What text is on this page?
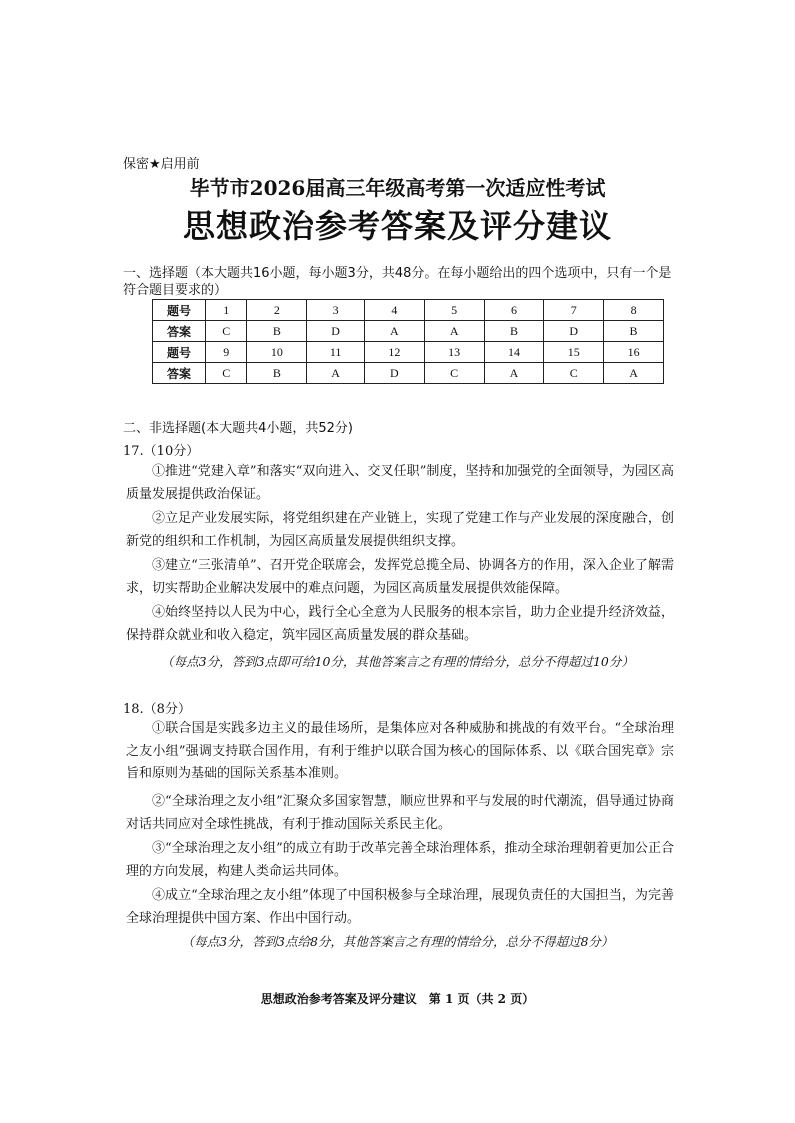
保密★启用前
毕节市2026届高三年级高考第一次适应性考试
思想政治参考答案及评分建议
一、选择题（本大题共16小题，每小题3分，共48分。在每小题给出的四个选项中，只有一个是符合题目要求的）
题号	1	2	3	4	5	6	7	8
答案	C	B	D	A	A	B	D	B
题号	9	10	11	12	13	14	15	16
答案	C	B	A	D	C	A	C	A
二、非选择题(本大题共4小题，共52分)
17.（10分）
①推进“党建入章”和落实“双向进入、交叉任职”制度，坚持和加强党的全面领导，为园区高质量发展提供政治保证。
②立足产业发展实际，将党组织建在产业链上，实现了党建工作与产业发展的深度融合，创新党的组织和工作机制，为园区高质量发展提供组织支撑。
③建立“三张清单”、召开党企联席会，发挥党总揽全局、协调各方的作用，深入企业了解需求，切实帮助企业解决发展中的难点问题，为园区高质量发展提供效能保障。
④始终坚持以人民为中心，践行全心全意为人民服务的根本宗旨，助力企业提升经济效益，保持群众就业和收入稳定，筑牢园区高质量发展的群众基础。
（每点3分，答到3点即可给10分，其他答案言之有理的情给分，总分不得超过10分）
18.（8分）
①联合国是实践多边主义的最佳场所，是集体应对各种威胁和挑战的有效平台。“全球治理之友小组”强调支持联合国作用，有利于维护以联合国为核心的国际体系、以《联合国宪章》宗旨和原则为基础的国际关系基本准则。
②“全球治理之友小组”汇聚众多国家智慧，顺应世界和平与发展的时代潮流，倡导通过协商对话共同应对全球性挑战，有利于推动国际关系民主化。
③“全球治理之友小组”的成立有助于改革完善全球治理体系，推动全球治理朝着更加公正合理的方向发展，构建人类命运共同体。
④成立“全球治理之友小组”体现了中国积极参与全球治理，展现负责任的大国担当，为完善全球治理提供中国方案、作出中国行动。
（每点3分，答到3点给8分，其他答案言之有理的情给分，总分不得超过8分）
思想政治参考答案及评分建议　第 1 页（共 2 页）
